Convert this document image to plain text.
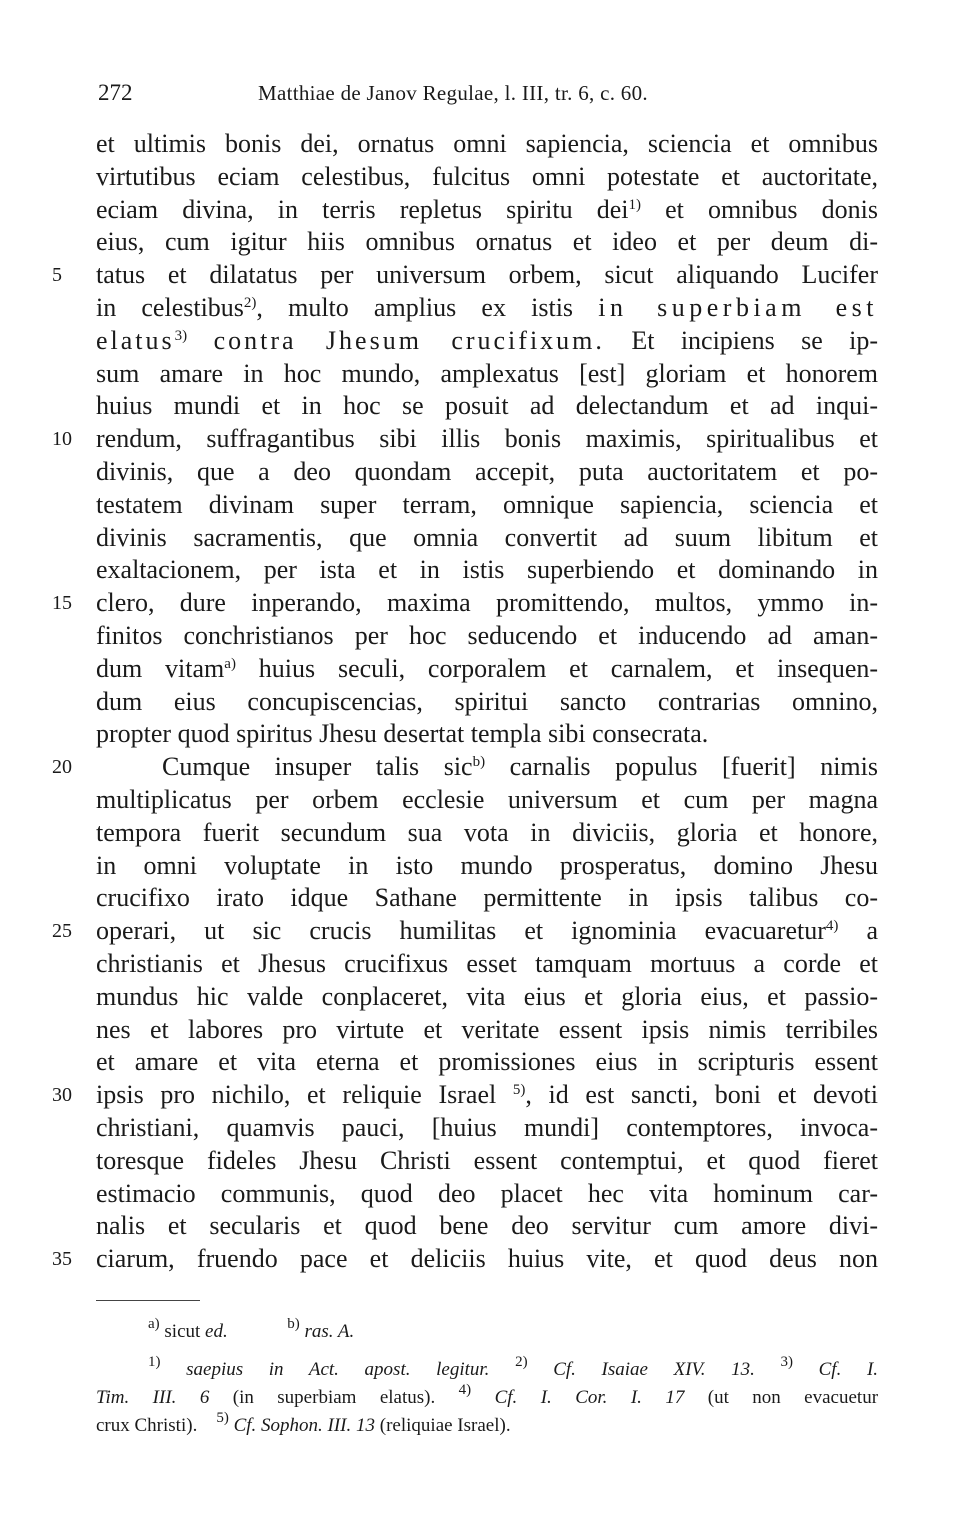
272	Matthiae de Janov Regulae, l. III, tr. 6, c. 60.
et ultimis bonis dei, ornatus omni sapiencia, sciencia et omnibus
virtutibus eciam celestibus, fulcitus omni potestate et auctoritate,
eciam divina, in terris repletus spiritu dei$^{1)}$ et omnibus donis
eius, cum igitur hiis omnibus ornatus et ideo et per deum di-
5	tatus et dilatatus per universum orbem, sicut aliquando Lucifer
in celestibus$^{2)}$, multo amplius ex istis in superbiam est
elatus$^{3)}$ contra Jhesum crucifixum. Et incipiens se ip-
sum amare in hoc mundo, amplexatus [est] gloriam et honorem
huius mundi et in hoc se posuit ad delectandum et ad inqui-
10 rendum, suffragantibus sibi illis bonis maximis, spiritualibus et
divinis, que a deo quondam accepit, puta auctoritatem et po-
testatem divinam super terram, omnique sapiencia, sciencia et
divinis sacramentis, que omnia convertit ad suum libitum et
exaltacionem, per ista et in istis superbiendo et dominando in
15 clero, dure inperando, maxima promittendo, multos, ymmo in-
finitos conchristianos per hoc seducendo et inducendo ad aman-
dum vitam$^{a)}$ huius seculi, corporalem et carnalem, et insequen-
dum eius concupiscencias, spiritui sancto contrarias omnino,
propter quod spiritus Jhesu desertat templa sibi consecrata.
20	Cumque insuper talis sic$^{b)}$ carnalis populus [fuerit] nimis
multiplicatus per orbem ecclesie universum et cum per magna
tempora fuerit secundum sua vota in diviciis, gloria et honore,
in omni voluptate in isto mundo prosperatus, domino Jhesu
crucifixo irato idque Sathane permittente in ipsis talibus co-
25 operari, ut sic crucis humilitas et ignominia evacuaretur$^{4)}$ a
christianis et Jhesus crucifixus esset tamquam mortuus a corde et
mundus hic valde conplaceret, vita eius et gloria eius, et passio-
nes et labores pro virtute et veritate essent ipsis nimis terribiles
et amare et vita eterna et promissiones eius in scripturis essent
30 ipsis pro nichilo, et reliquie Israel $^{5)}$, id est sancti, boni et devoti
christiani, quamvis pauci, [huius mundi] contemptores, invoca-
toresque fideles Jhesu Christi essent contemptui, et quod fieret
estimacio communis, quod deo placet hec vita hominum car-
nalis et secularis et quod bene deo servitur cum amore divi-
35 ciarum, fruendo pace et deliciis huius vite, et quod deus non
$^{a)}$ sicut ed.	$^{b)}$ ras. A.
$^{1)}$ saepius in Act. apost. legitur. $^{2)}$ Cf. Isaiae XIV. 13. $^{3)}$ Cf. I.
Tim. III. 6 (in superbiam elatus). $^{4)}$ Cf. I. Cor. I. 17 (ut non evacuetur
crux Christi). $^{5)}$ Cf. Sophon. III. 13 (reliquiae Israel).
